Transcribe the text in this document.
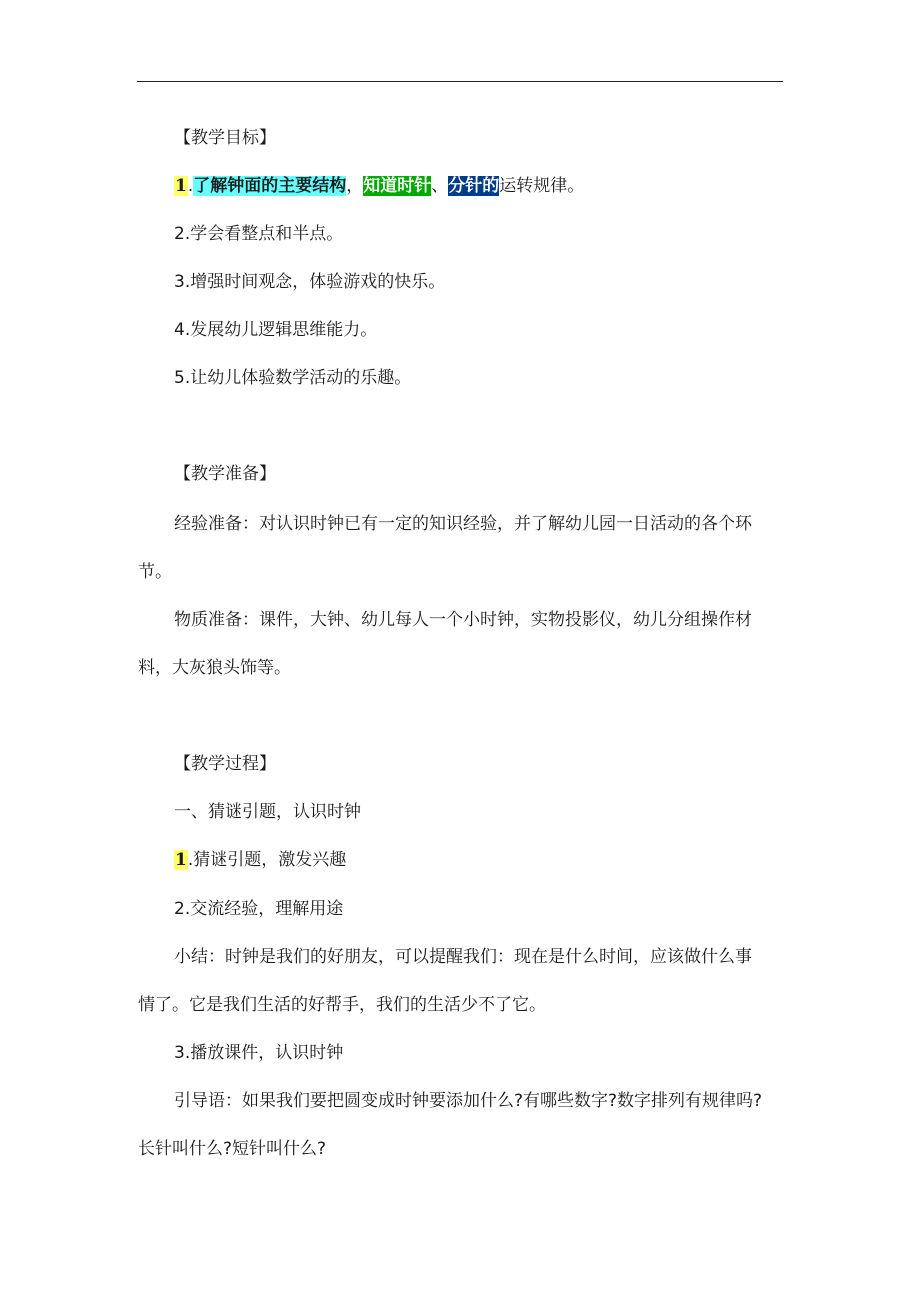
【教学目标】
1.了解钟面的主要结构，知道时针、分针的运转规律。
2.学会看整点和半点。
3.增强时间观念，体验游戏的快乐。
4.发展幼儿逻辑思维能力。
5.让幼儿体验数学活动的乐趣。
【教学准备】
经验准备：对认识时钟已有一定的知识经验，并了解幼儿园一日活动的各个环
节。
物质准备：课件，大钟、幼儿每人一个小时钟，实物投影仪，幼儿分组操作材
料，大灰狼头饰等。
【教学过程】
一、猜谜引题，认识时钟
1.猜谜引题，激发兴趣
2.交流经验，理解用途
小结：时钟是我们的好朋友，可以提醒我们：现在是什么时间，应该做什么事
情了。它是我们生活的好帮手，我们的生活少不了它。
3.播放课件，认识时钟
引导语：如果我们要把圆变成时钟要添加什么?有哪些数字?数字排列有规律吗?
长针叫什么?短针叫什么?
